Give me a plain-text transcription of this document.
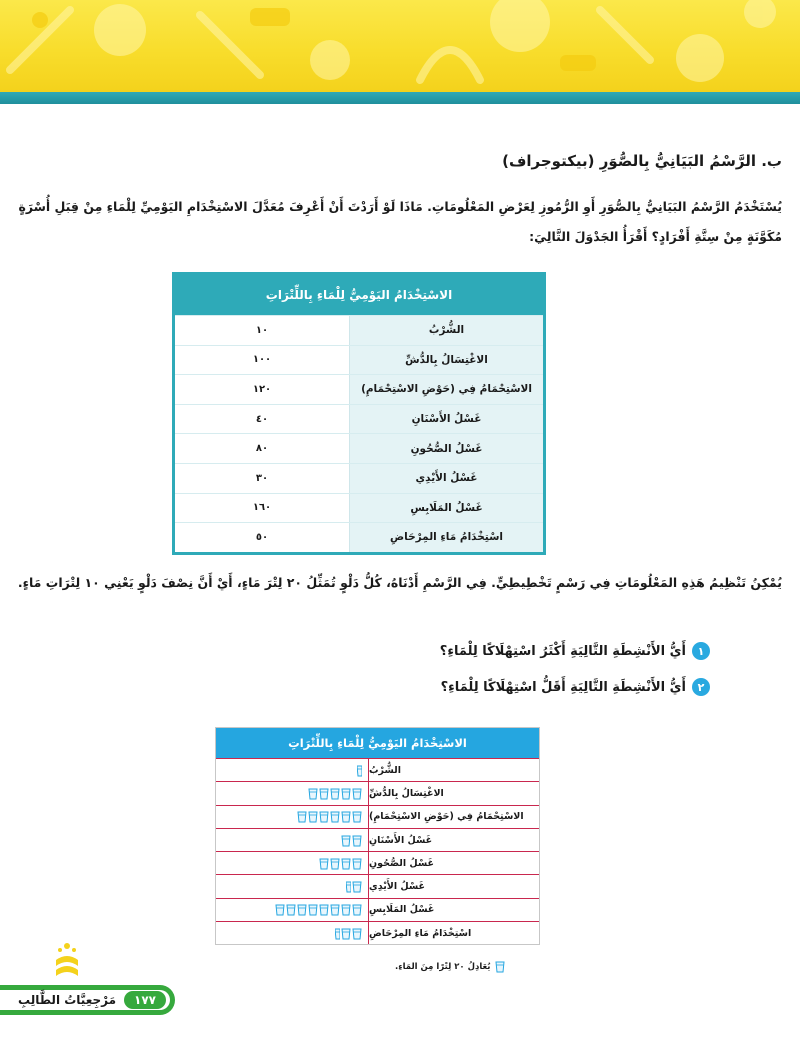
ب. الرَّسْمُ البَيَانِيُّ بِالصُّوَرِ (بيكتوجراف)
يُسْتَخْدَمُ الرَّسْمُ البَيَانِيُّ بِالصُّوَرِ أَوِ الرُّمُوزِ لِعَرْضِ المَعْلُومَاتِ. مَاذَا لَوْ أَرَدْتَ أَنْ أَعْرِفَ مُعَدَّلَ الاسْتِخْدَامِ اليَوْمِيِّ لِلْمَاءِ مِنْ قِبَلِ أُسْرَةٍ مُكَوَّنَةٍ مِنْ سِتَّةِ أَفْرَادٍ؟ أَقْرَأُ الجَدْوَلَ التَّالِيَ:
الاسْتِخْدَامُ اليَوْمِيُّ لِلْمَاءِ بِاللِّتْرَاتِ
١٠	الشُّرْبُ
١٠٠	الاغْتِسَالُ بِالدُّشِّ
١٢٠	الاسْتِحْمَامُ فِي (حَوْضِ الاسْتِحْمَامِ)
٤٠	غَسْلُ الأَسْنَانِ
٨٠	غَسْلُ الصُّحُونِ
٣٠	غَسْلُ الأَيْدِي
١٦٠	غَسْلُ المَلَابِسِ
٥٠	اسْتِخْدَامُ مَاءِ المِرْحَاضِ
يُمْكِنُ تَنْظِيمُ هَذِهِ المَعْلُومَاتِ فِي رَسْمٍ تَخْطِيطِيٍّ. فِي الرَّسْمِ أَدْنَاهُ، كُلُّ دَلْوٍ تُمَثِّلُ ٢٠ لِتْرَ مَاءٍ، أَيْ أَنَّ نِصْفَ دَلْوٍ يَعْنِي ١٠ لِتْرَاتِ مَاءٍ.
١
أَيُّ الأَنْشِطَةِ التَّالِيَةِ أَكْثَرُ اسْتِهْلَاكًا لِلْمَاءِ؟
٢
أَيُّ الأَنْشِطَةِ التَّالِيَةِ أَقَلُّ اسْتِهْلَاكًا لِلْمَاءِ؟
الاسْتِخْدَامُ اليَوْمِيُّ لِلْمَاءِ بِاللِّتْرَاتِ
الشُّرْبُ
الاغْتِسَالُ بِالدُّشِّ
الاسْتِحْمَامُ فِي (حَوْضِ الاسْتِحْمَامِ)
غَسْلُ الأَسْنَانِ
غَسْلُ الصُّحُونِ
غَسْلُ الأَيْدِي
غَسْلُ المَلَابِسِ
اسْتِخْدَامُ مَاءِ المِرْحَاضِ
يُعَادِلُ ٢٠ لِتْرًا مِنَ المَاءِ.
مَرْجِعِيَّاتُ الطَّالِبِ	١٧٧
